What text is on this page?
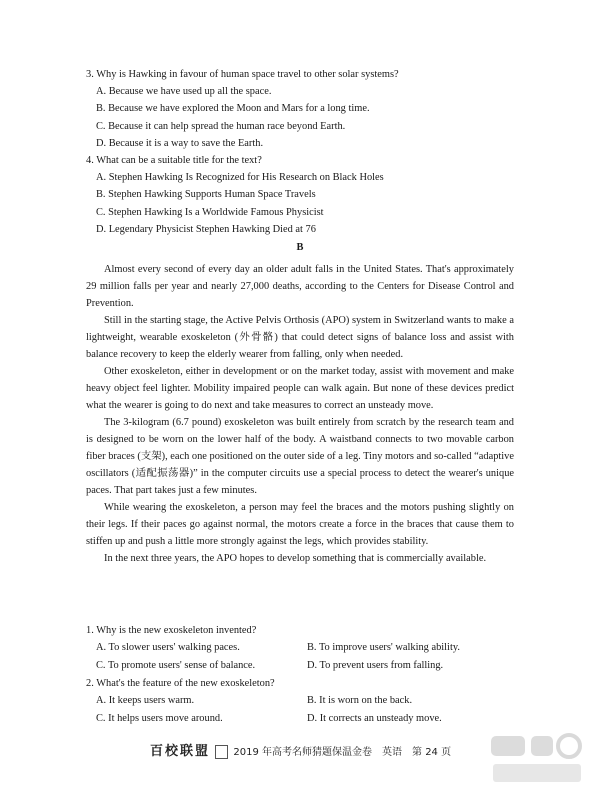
3. Why is Hawking in favour of human space travel to other solar systems?

A. Because we have used up all the space.

B. Because we have explored the Moon and Mars for a long time.

C. Because it can help spread the human race beyond Earth.

D. Because it is a way to save the Earth.

4. What can be a suitable title for the text?

A. Stephen Hawking Is Recognized for His Research on Black Holes

B. Stephen Hawking Supports Human Space Travels

C. Stephen Hawking Is a Worldwide Famous Physicist

D. Legendary Physicist Stephen Hawking Died at 76

B

Almost every second of every day an older adult falls in the United States. That's approximately 29 million falls per year and nearly 27,000 deaths, according to the Centers for Disease Control and Prevention.

Still in the starting stage, the Active Pelvis Orthosis (APO) system in Switzerland wants to make a lightweight, wearable exoskeleton (外骨骼) that could detect signs of balance loss and assist with balance recovery to keep the elderly wearer from falling, only when needed.

Other exoskeleton, either in development or on the market today, assist with movement and make heavy object feel lighter. Mobility impaired people can walk again. But none of these devices predict what the wearer is going to do next and take measures to correct an unsteady move.

The 3-kilogram (6.7 pound) exoskeleton was built entirely from scratch by the research team and is designed to be worn on the lower half of the body. A waistband connects to two movable carbon fiber braces (支架), each one positioned on the outer side of a leg. Tiny motors and so-called “adaptive oscillators (适配振荡器)” in the computer circuits use a special process to detect the wearer's unique paces. That part takes just a few minutes.

While wearing the exoskeleton, a person may feel the braces and the motors pushing slightly on their legs. If their paces go against normal, the motors create a force in the braces that cause them to stiffen up and push a little more strongly against the legs, which provides stability.

In the next three years, the APO hopes to develop something that is commercially available.

1. Why is the new exoskeleton invented?

A. To slower users' walking paces.	B. To improve users' walking ability.
C. To promote users' sense of balance.	D. To prevent users from falling.

2. What's the feature of the new exoskeleton?

A. It keeps users warm.	B. It is worn on the back.
C. It helps users move around.	D. It corrects an unsteady move.
百校联盟 2019 年高考名师猜题保温金卷　英语　第 24 页
